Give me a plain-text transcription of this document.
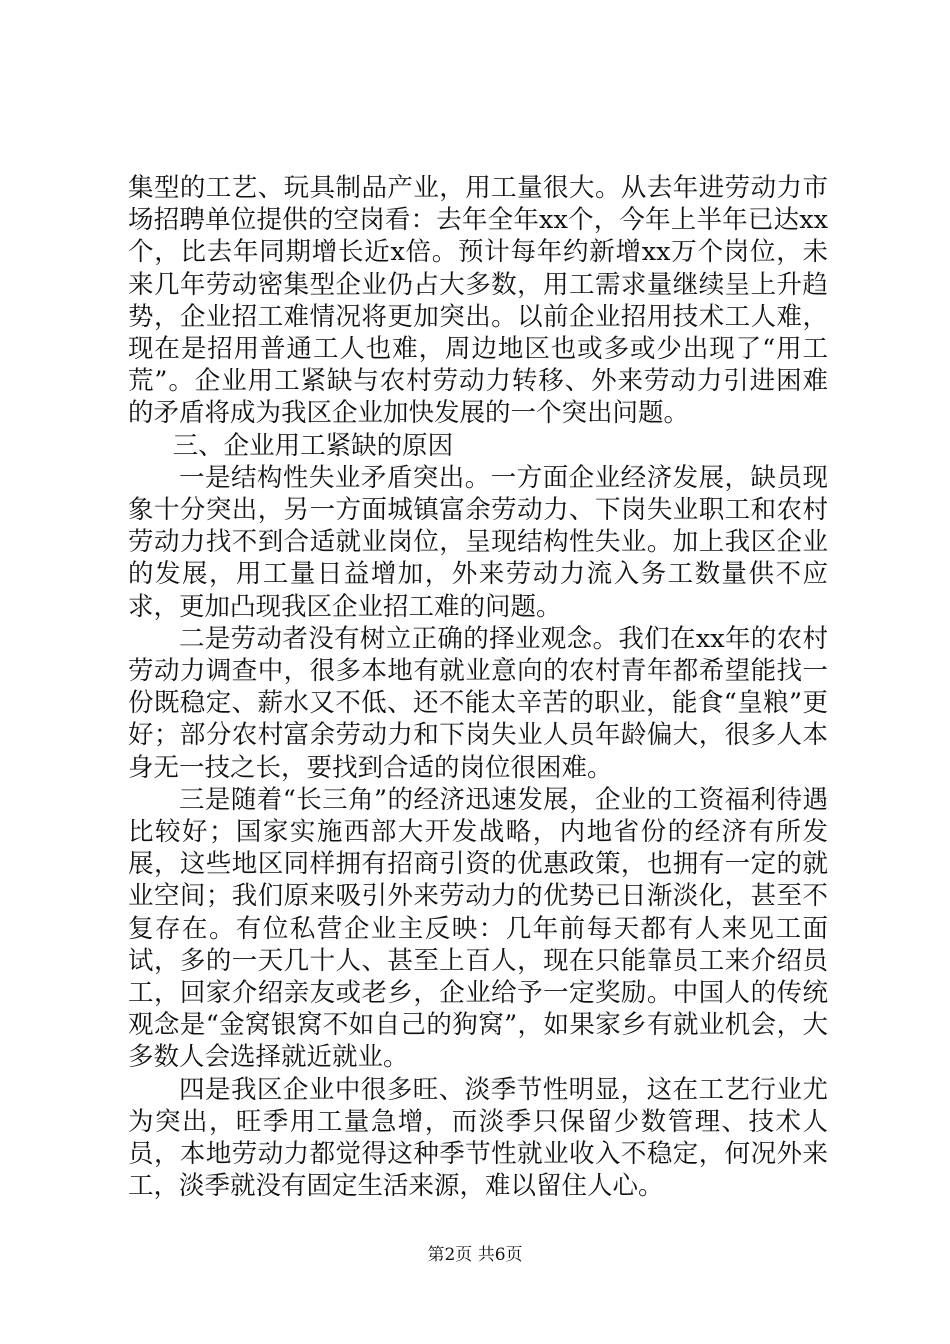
集型的工艺、玩具制品产业，用工量很大。从去年进劳动力市场招聘单位提供的空岗看：去年全年xx个，今年上半年已达xx个，比去年同期增长近x倍。预计每年约新增xx万个岗位，未来几年劳动密集型企业仍占大多数，用工需求量继续呈上升趋势，企业招工难情况将更加突出。以前企业招用技术工人难，现在是招用普通工人也难，周边地区也或多或少出现了“用工荒”。企业用工紧缺与农村劳动力转移、外来劳动力引进困难的矛盾将成为我区企业加快发展的一个突出问题。

三、企业用工紧缺的原因

一是结构性失业矛盾突出。一方面企业经济发展，缺员现象十分突出，另一方面城镇富余劳动力、下岗失业职工和农村劳动力找不到合适就业岗位，呈现结构性失业。加上我区企业的发展，用工量日益增加，外来劳动力流入务工数量供不应求，更加凸现我区企业招工难的问题。

二是劳动者没有树立正确的择业观念。我们在xx年的农村劳动力调查中，很多本地有就业意向的农村青年都希望能找一份既稳定、薪水又不低、还不能太辛苦的职业，能食“皇粮”更好；部分农村富余劳动力和下岗失业人员年龄偏大，很多人本身无一技之长，要找到合适的岗位很困难。

三是随着“长三角”的经济迅速发展，企业的工资福利待遇比较好；国家实施西部大开发战略，内地省份的经济有所发展，这些地区同样拥有招商引资的优惠政策，也拥有一定的就业空间；我们原来吸引外来劳动力的优势已日渐淡化，甚至不复存在。有位私营企业主反映：几年前每天都有人来见工面试，多的一天几十人、甚至上百人，现在只能靠员工来介绍员工，回家介绍亲友或老乡，企业给予一定奖励。中国人的传统观念是“金窝银窝不如自己的狗窝”，如果家乡有就业机会，大多数人会选择就近就业。

四是我区企业中很多旺、淡季节性明显，这在工艺行业尤为突出，旺季用工量急增，而淡季只保留少数管理、技术人员，本地劳动力都觉得这种季节性就业收入不稳定，何况外来工，淡季就没有固定生活来源，难以留住人心。

第2页 共6页
